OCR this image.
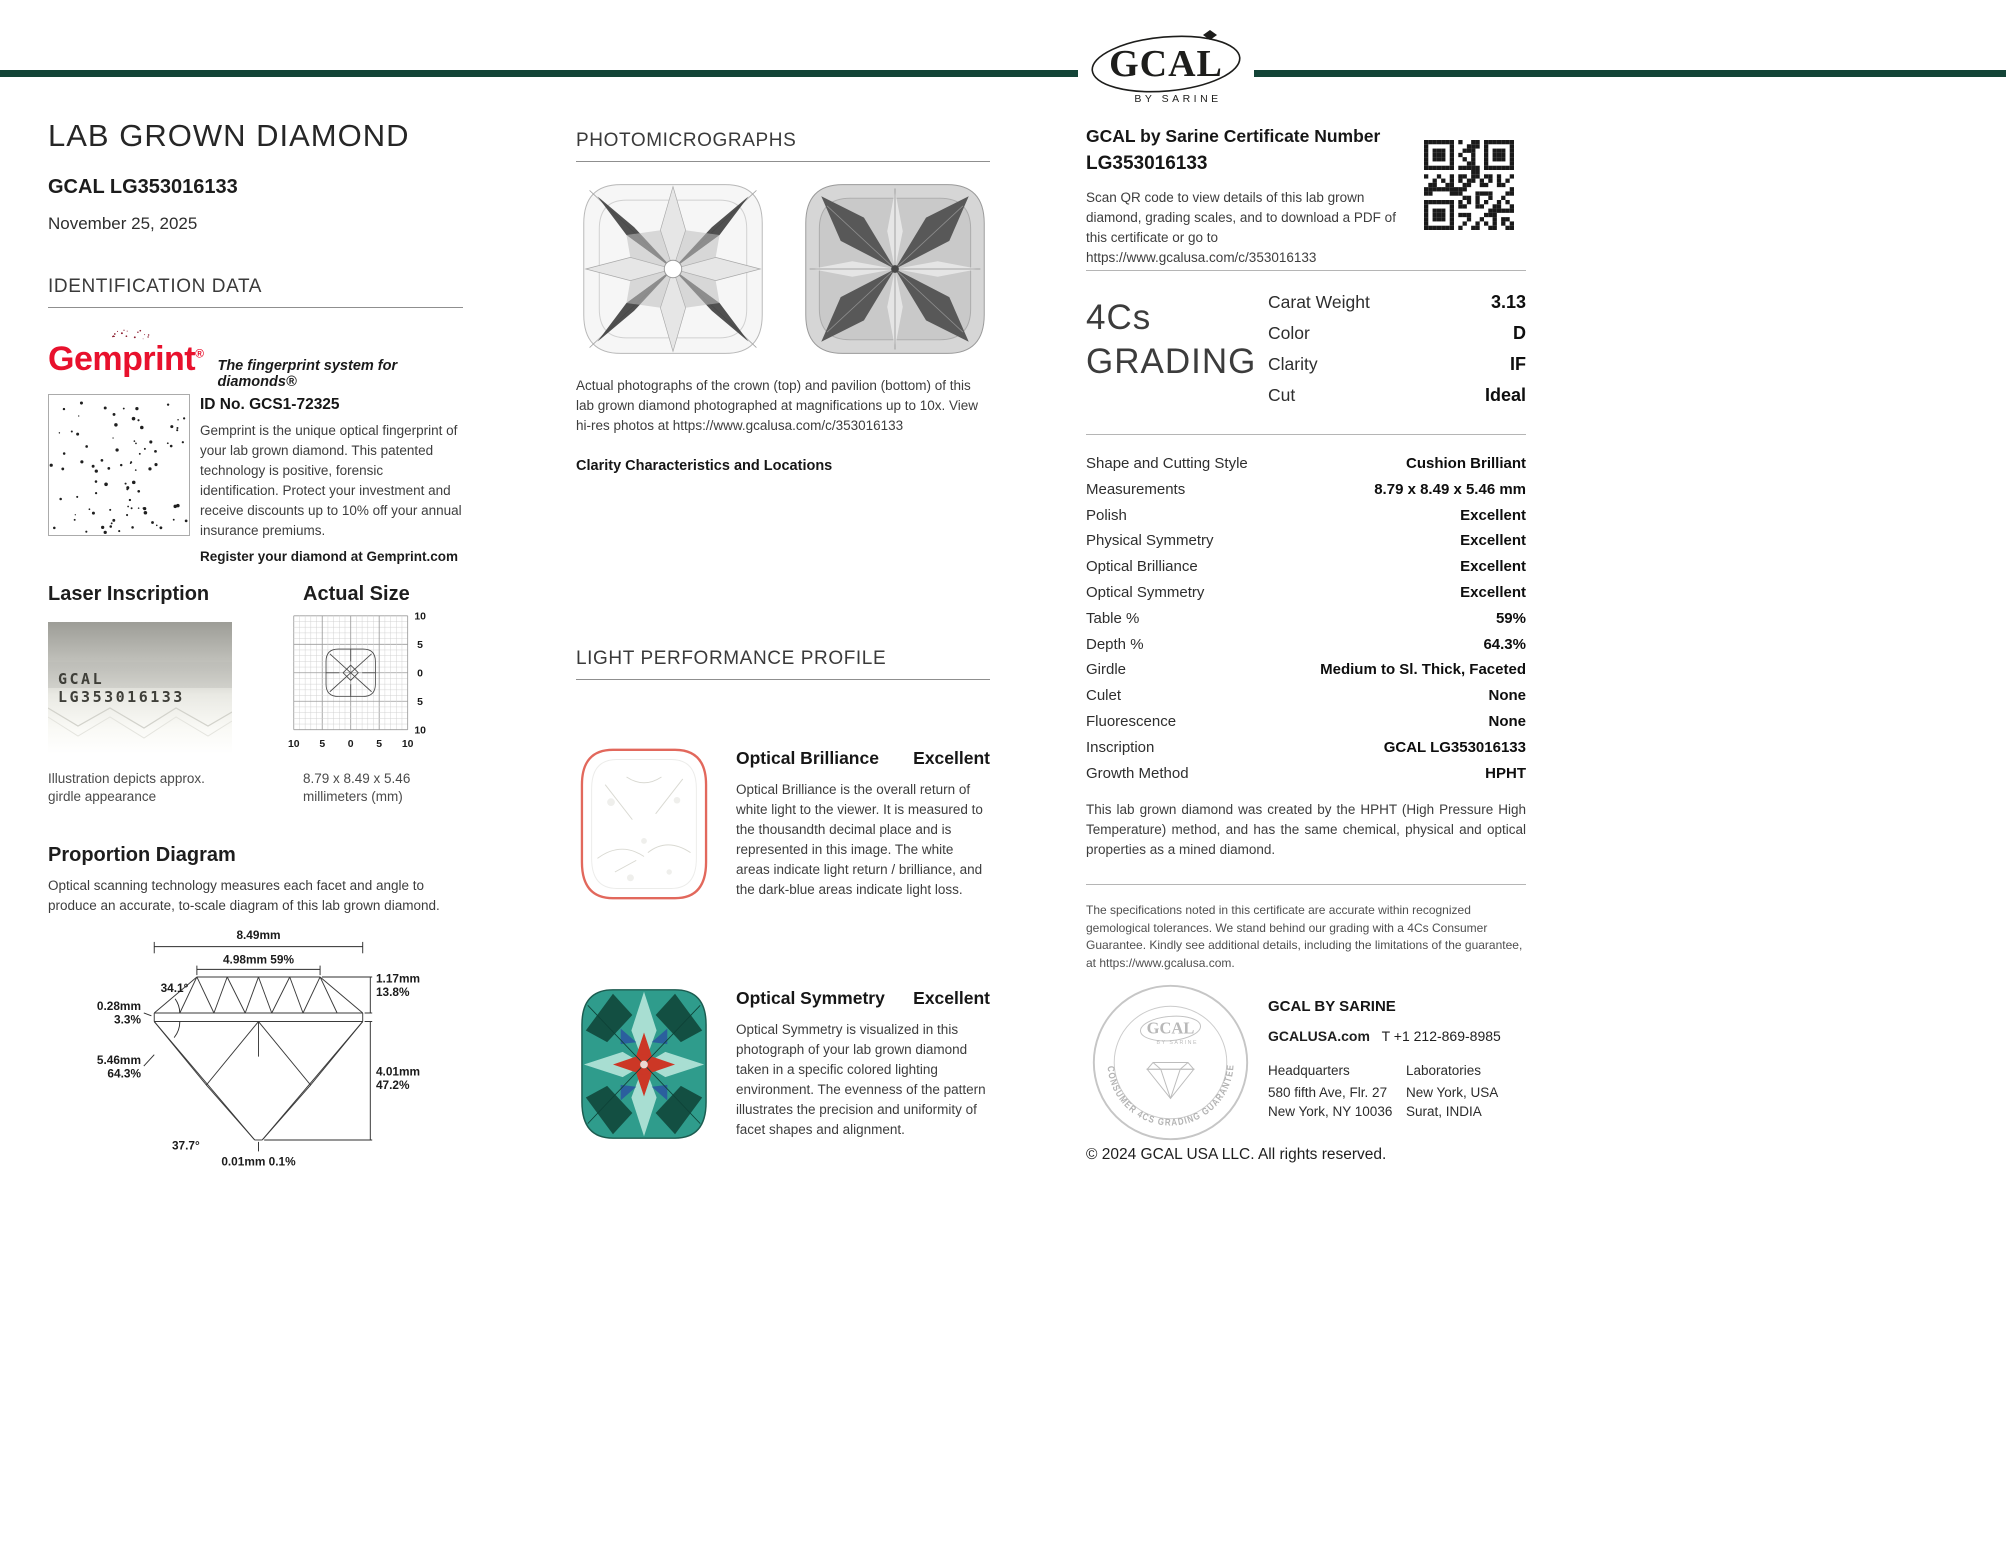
LAB GROWN DIAMOND
GCAL LG353016133
November 25, 2025
IDENTIFICATION DATA
Gemprint®
The fingerprint system for diamonds®
ID No. GCS1-72325

Gemprint is the unique optical fingerprint of your lab grown diamond. This patented technology is positive, forensic identification. Protect your investment and receive discounts up to 10% off your annual insurance premiums.

Register your diamond at Gemprint.com
Laser Inscription	Actual Size
GCAL LG353016133
10
5
0
5
10
10 5 0 5 10
Illustration depicts approx. girdle appearance
8.79 x 8.49 x 5.46 millimeters (mm)
Proportion Diagram

Optical scanning technology measures each facet and angle to produce an accurate, to-scale diagram of this lab grown diamond.

8.49mm
4.98mm 59%
34.1°
0.28mm
3.3%
5.46mm
64.3%
37.7°
0.01mm 0.1%
1.17mm
13.8%
4.01mm
47.2%
PHOTOMICROGRAPHS

Actual photographs of the crown (top) and pavilion (bottom) of this lab grown diamond photographed at magnifications up to 10x. View hi-res photos at https://www.gcalusa.com/c/353016133

Clarity Characteristics and Locations
LIGHT PERFORMANCE PROFILE
Optical Brilliance Excellent

Optical Brilliance is the overall return of white light to the viewer. It is measured to the thousandth decimal place and is represented in this image. The white areas indicate light return / brilliance, and the dark-blue areas indicate light loss.

Optical Symmetry Excellent

Optical Symmetry is visualized in this photograph of your lab grown diamond taken in a specific colored lighting environment. The evenness of the pattern illustrates the precision and uniformity of facet shapes and alignment.

GCAL
BY SARINE
GCAL by Sarine Certificate Number
LG353016133

Scan QR code to view details of this lab grown diamond, grading scales, and to download a PDF of this certificate or go to https://www.gcalusa.com/c/353016133

4Cs
GRADING
Carat Weight	3.13
Color	D
Clarity	IF
Cut	Ideal
Shape and Cutting Style	Cushion Brilliant
Measurements	8.79 x 8.49 x 5.46 mm
Polish	Excellent
Physical Symmetry	Excellent
Optical Brilliance	Excellent
Optical Symmetry	Excellent
Table %	59%
Depth %	64.3%
Girdle	Medium to Sl. Thick, Faceted
Culet	None
Fluorescence	None
Inscription	GCAL LG353016133
Growth Method	HPHT

This lab grown diamond was created by the HPHT (High Pressure High Temperature) method, and has the same chemical, physical and optical properties as a mined diamond.

The specifications noted in this certificate are accurate within recognized gemological tolerances. We stand behind our grading with a 4Cs Consumer Guarantee. Kindly see additional details, including the limitations of the guarantee, at https://www.gcalusa.com.

CONSUMER 4CS GRADING GUARANTEE
GCAL
BY SARINE
GCAL BY SARINE
GCALUSA.com T +1 212-869-8985
Headquarters
580 fifth Ave, Flr. 27
New York, NY 10036
Laboratories
New York, USA
Surat, INDIA
© 2024 GCAL USA LLC. All rights reserved.
